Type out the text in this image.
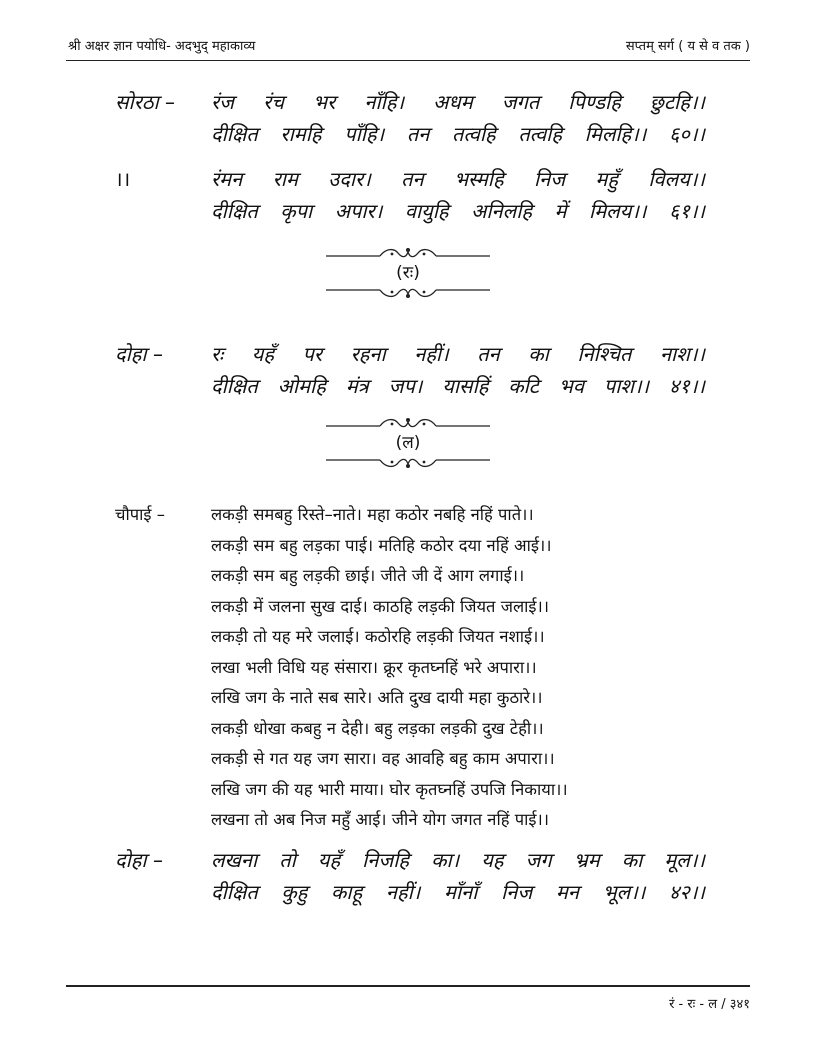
श्री अक्षर ज्ञान पयोधि- अदभुद् महाकाव्य	सप्तम् सर्ग ( य से व तक )
सोरठा – रंज रंच भर नाँहि। अधम जगत पिण्डहि छुटहि।।
दीक्षित रामहि पाँहि। तन तत्वहि तत्वहि मिलहि।। ६०।।
।।	रंमन राम उदार। तन भस्महि निज महुँ विलय।।
दीक्षित कृपा अपार। वायुहि अनिलहि में मिलय।। ६१।।
(रः)
दोहा – रः यहँ पर रहना नहीं। तन का निश्चित नाश।।
दीक्षित ओमहि मंत्र जप। यासहिं कटि भव पाश।। ४१।।
(ल)
चौपाई –	लकड़ी समबहु रिस्ते–नाते। महा कठोर नबहि नहिं पाते।।
लकड़ी सम बहु लड़का पाई। मतिहि कठोर दया नहिं आई।।
लकड़ी सम बहु लड़की छाई। जीते जी दें आग लगाई।।
लकड़ी में जलना सुख दाई। काठहि लड़की जियत जलाई।।
लकड़ी तो यह मरे जलाई। कठोरहि लड़की जियत नशाई।।
लखा भली विधि यह संसारा। क्रूर कृतघ्नहिं भरे अपारा।।
लखि जग के नाते सब सारे। अति दुख दायी महा कुठारे।।
लकड़ी धोखा कबहु न देही। बहु लड़का लड़की दुख टेही।।
लकड़ी से गत यह जग सारा। वह आवहि बहु काम अपारा।।
लखि जग की यह भारी माया। घोर कृतघ्नहिं उपजि निकाया।।
लखना तो अब निज महुँ आई। जीने योग जगत नहिं पाई।।
दोहा – लखना तो यहँ निजहि का। यह जग भ्रम का मूल।।
दीक्षित कुहु काहू नहीं। माँनाँ निज मन भूल।। ४२।।
रं - रः - ल / ३४१
